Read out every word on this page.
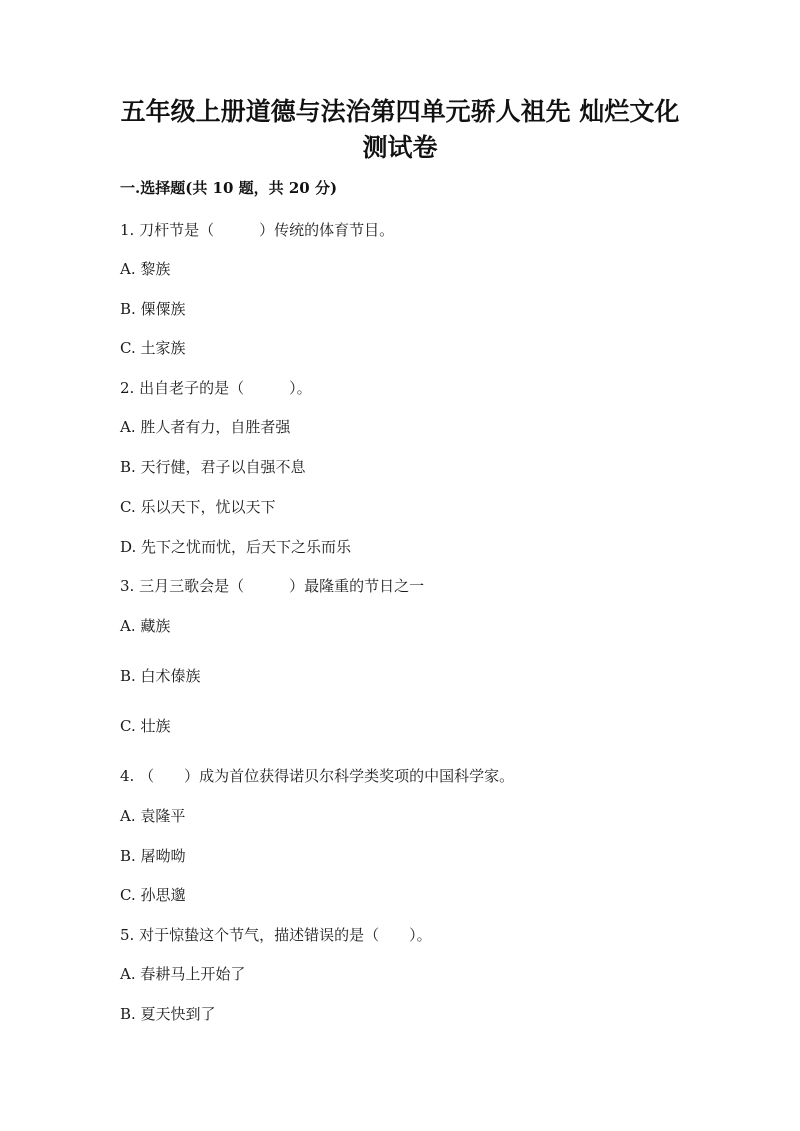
五年级上册道德与法治第四单元骄人祖先 灿烂文化
测试卷
一.选择题(共 10 题，共 20 分)
1. 刀杆节是（　　　）传统的体育节目。
A. 黎族
B. 傈僳族
C. 土家族
2. 出自老子的是（　　　）。
A. 胜人者有力，自胜者强
B. 天行健，君子以自强不息
C. 乐以天下，忧以天下
D. 先下之忧而忧，后天下之乐而乐
3. 三月三歌会是（　　　）最隆重的节日之一
A. 藏族
B. 白术傣族
C. 壮族
4. （　　）成为首位获得诺贝尔科学类奖项的中国科学家。
A. 袁隆平
B. 屠呦呦
C. 孙思邈
5. 对于惊蛰这个节气，描述错误的是（　　）。
A. 春耕马上开始了
B. 夏天快到了
